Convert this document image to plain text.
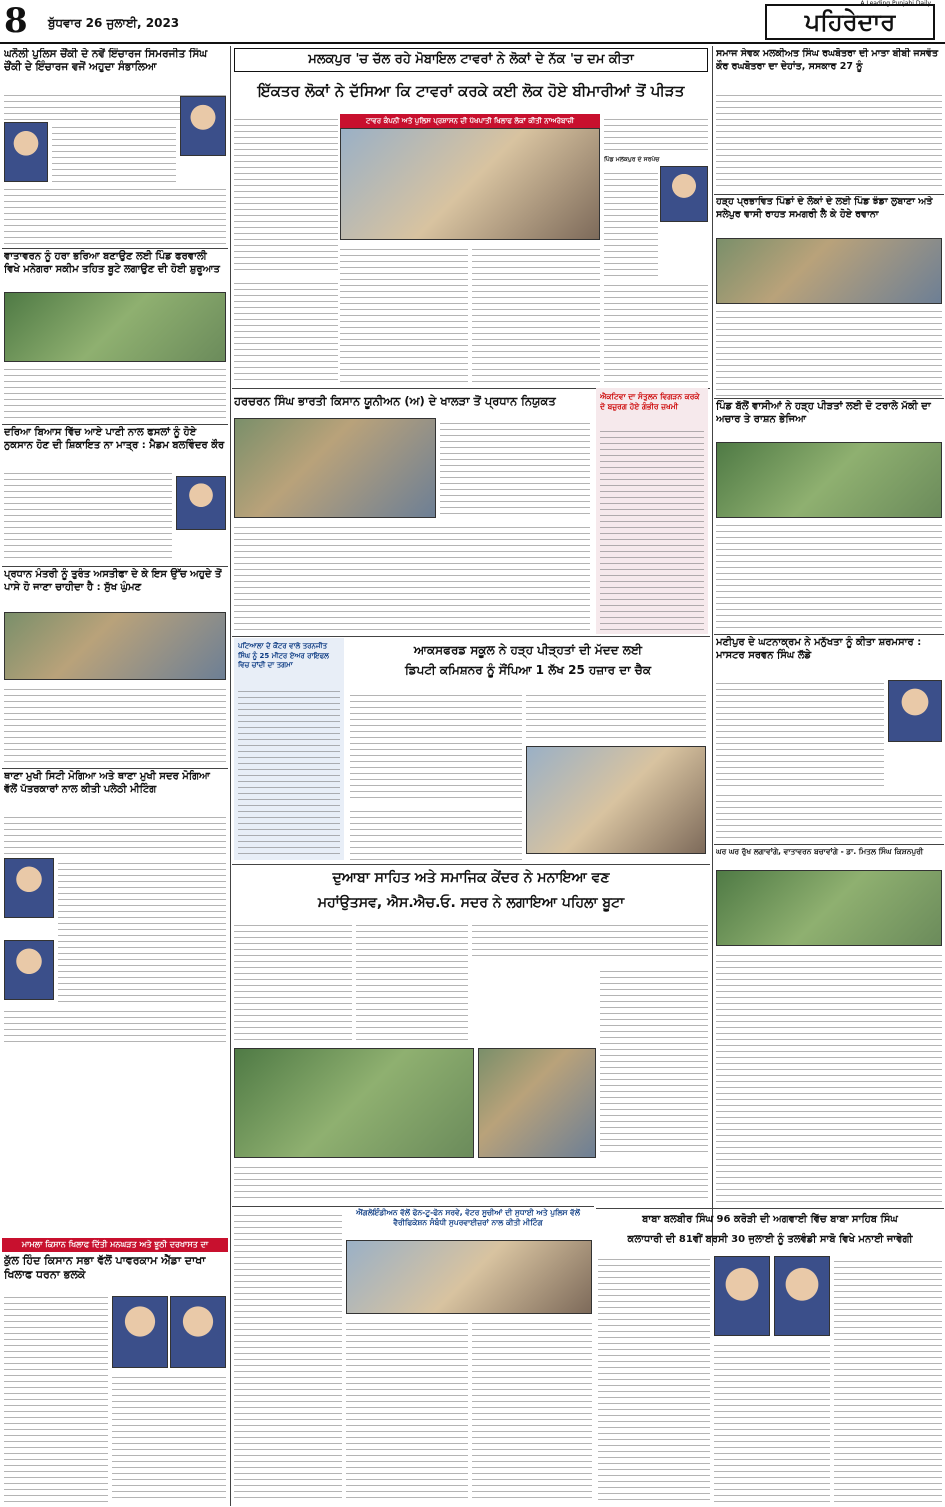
8 ਬੁੱਧਵਾਰ 26 ਜੁਲਾਈ, 2023
A Leading Punjabi Daily
ਪਹਿਰੇਦਾਰ
ਘਨੌਲੀ ਪੁਲਿਸ ਚੌਂਕੀ ਦੇ ਨਵੇਂ ਇੰਚਾਰਜ ਸਿਮਰਜੀਤ ਸਿੰਘ ਚੌਂਕੀ ਦੇ ਇੰਚਾਰਜ ਵਜੋਂ ਅਹੁਦਾ ਸੰਭਾਲਿਆ
ਵਾਤਾਵਰਨ ਨੂੰ ਹਰਾ ਭਰਿਆ ਬਣਾਉਣ ਲਈ ਪਿੰਡ ਫਰਵਾਲੀ ਵਿਖੇ ਮਨੇਗਰਾ ਸਕੀਮ ਤਹਿਤ ਬੂਟੇ ਲਗਾਉਣ ਦੀ ਹੋਈ ਸ਼ੁਰੂਆਤ
ਦਰਿਆ ਬਿਆਸ ਵਿੱਚ ਆਏ ਪਾਣੀ ਨਾਲ ਫਸਲਾਂ ਨੂੰ ਹੋਏ ਨੁਕਸਾਨ ਹੋਣ ਦੀ ਸ਼ਿਕਾਇਤ ਨਾ ਮਾਤ੍ਰ : ਮੈਡਮ ਬਲਵਿੰਦਰ ਕੌਰ
ਪ੍ਰਧਾਨ ਮੰਤਰੀ ਨੂੰ ਤੁਰੰਤ ਅਸਤੀਫਾ ਦੇ ਕੇ ਇਸ ਉੱਚ ਅਹੁਦੇ ਤੋਂ ਪਾਸੇ ਹੋ ਜਾਣਾ ਚਾਹੀਦਾ ਹੈ : ਸੁੱਖ ਘੁੰਮਣ
ਥਾਣਾ ਮੁਖੀ ਸਿਟੀ ਮੋਗਿਆ ਅਤੇ ਥਾਣਾ ਮੁਖੀ ਸਦਰ ਮੋਗਿਆ ਵੱਲੋਂ ਪੱਤਰਕਾਰਾਂ ਨਾਲ ਕੀਤੀ ਪਲੇਠੀ ਮੀਟਿੰਗ
ਮਾਮਲਾ ਕਿਸਾਨ ਖਿਲਾਫ ਦਿੱਤੀ ਮਨਘੜਤ ਅਤੇ ਝੂਠੀ ਦਰਖਾਸਤ ਦਾ
ਕੁੱਲ ਹਿੰਦ ਕਿਸਾਨ ਸਭਾ ਵੱਲੋਂ ਪਾਵਰਕਾਮ ਐੱਡਾ ਦਾਖਾ ਖਿਲਾਫ ਧਰਨਾ ਭਲਕੇ
ਮਲਕਪੁਰ 'ਚ ਚੱਲ ਰਹੇ ਮੋਬਾਇਲ ਟਾਵਰਾਂ ਨੇ ਲੋਕਾਂ ਦੇ ਨੱਕ 'ਚ ਦਮ ਕੀਤਾ
ਇੱਕਤਰ ਲੋਕਾਂ ਨੇ ਦੱਸਿਆ ਕਿ ਟਾਵਰਾਂ ਕਰਕੇ ਕਈ ਲੋਕ ਹੋਏ ਬੀਮਾਰੀਆਂ ਤੋਂ ਪੀੜਤ
ਟਾਵਰ ਕੰਪਨੀ ਅਤੇ ਪੁਲਿਸ ਪ੍ਰਸ਼ਾਸਨ ਦੀ ਪੱਖਪਾਤੀ ਖਿਲਾਫ ਲੋਕਾਂ ਕੀਤੀ ਨਾਅਰੇਬਾਜ਼ੀ
ਪਿੰਡ ਮਲਕਪੁਰ ਦੇ ਸਰਪੰਚ
ਹਰਚਰਨ ਸਿੰਘ ਭਾਰਤੀ ਕਿਸਾਨ ਯੂਨੀਅਨ (ਅ) ਦੇ ਖਾਲੜਾ ਤੋਂ ਪ੍ਰਧਾਨ ਨਿਯੁਕਤ	ਐਕਟਿਵਾ ਦਾ ਸੰਤੁਲਨ ਵਿਗੜਨ ਕਰਕੇ ਦੋ ਬਜ਼ੁਰਗ ਹੋਏ ਗੰਭੀਰ ਜ਼ਖਮੀ
ਪਟਿਆਲਾ ਦੇ ਕੌਂਟਰ ਵਾਲੇ ਤਰਨਜੀਤ ਸਿੰਘ ਨੂੰ 25 ਮੀਟਰ ਏਅਰ ਰਾਇਫਲ ਵਿਚ ਚਾਂਦੀ ਦਾ ਤਗਮਾ
ਆਕਸਫਰਡ ਸਕੂਲ ਨੇ ਹੜ੍ਹ ਪੀੜ੍ਹਤਾਂ ਦੀ ਮੱਦਦ ਲਈ
ਡਿਪਟੀ ਕਮਿਸ਼ਨਰ ਨੂੰ ਸੌਂਪਿਆ 1 ਲੱਖ 25 ਹਜ਼ਾਰ ਦਾ ਚੈਕ
ਦੁਆਬਾ ਸਾਹਿਤ ਅਤੇ ਸਮਾਜਿਕ ਕੇਂਦਰ ਨੇ ਮਨਾਇਆ ਵਣ
ਮਹਾਂਉਤਸਵ, ਐਸ.ਐਚ.ਓ. ਸਦਰ ਨੇ ਲਗਾਇਆ ਪਹਿਲਾ ਬੂਟਾ
ਐਂਗਲੋਇੰਡੀਅਨ ਵੱਲੋਂ ਫੋਨ-ਟੂ-ਫੋਨ ਸਰਵੇ, ਵੋਟਰ ਸੂਚੀਆਂ ਦੀ ਸੁਧਾਈ ਅਤੇ ਪੁਲਿਸ ਵੱਲੋਂ ਵੈਰੀਫਿਕੇਸ਼ਨ ਸੰਬੰਧੀ ਸੁਪਰਵਾਈਜ਼ਰਾਂ ਨਾਲ ਕੀਤੀ ਮੀਟਿੰਗ
ਸਮਾਜ ਸੇਵਕ ਮਲਕੀਅਤ ਸਿੰਘ ਰਘਬੋਤਰਾ ਦੀ ਮਾਤਾ ਬੀਬੀ ਜਸਵੰਤ ਕੌਰ ਰਘਬੋਤਰਾ ਦਾ ਦੇਹਾਂਤ, ਸਸਕਾਰ 27 ਨੂੰ
ਹੜ੍ਹ ਪ੍ਰਭਾਵਿਤ ਪਿੰਡਾਂ ਦੇ ਲੋਕਾਂ ਦੇ ਲਈ ਪਿੰਡ ਝੰਡਾ ਲੁਬਾਣਾ ਅਤੇ ਸਲੇਪੁਰ ਵਾਸੀ ਰਾਹਤ ਸਮਗਰੀ ਲੈ ਕੇ ਹੋਏ ਰਵਾਨਾ
ਪਿੰਡ ਬੱਲੋਂ ਵਾਸੀਆਂ ਨੇ ਹੜ੍ਹ ਪੀੜਤਾਂ ਲਈ ਦੋ ਟਰਾਲੇ ਮੱਕੀ ਦਾ ਅਚਾਰ ਤੇ ਰਾਸ਼ਨ ਭੇਜਿਆ
ਮਣੀਪੁਰ ਦੇ ਘਟਨਾਕ੍ਰਮ ਨੇ ਮਨੁੱਖਤਾ ਨੂੰ ਕੀਤਾ ਸ਼ਰਮਸਾਰ : ਮਾਸਟਰ ਸਰਵਨ ਸਿੰਘ ਲੱਡੇ
ਘਰ ਘਰ ਰੁੱਖ ਲਗਾਵਾਂਗੇ, ਵਾਤਾਵਰਨ ਬਚਾਵਾਂਗੇ - ਡਾ. ਮਿਤਲ ਸਿੰਘ ਕਿਸ਼ਨਪੁਰੀ
ਬਾਬਾ ਬਲਬੀਰ ਸਿੰਘ 96 ਕਰੋੜੀ ਦੀ ਅਗਵਾਈ ਵਿੱਚ ਬਾਬਾ ਸਾਹਿਬ ਸਿੰਘ
ਕਲਾਧਾਰੀ ਦੀ 81ਵੀਂ ਬਰਸੀ 30 ਜੁਲਾਈ ਨੂੰ ਤਲਵੰਡੀ ਸਾਬੋ ਵਿਖੇ ਮਨਾਈ ਜਾਵੇਗੀ
